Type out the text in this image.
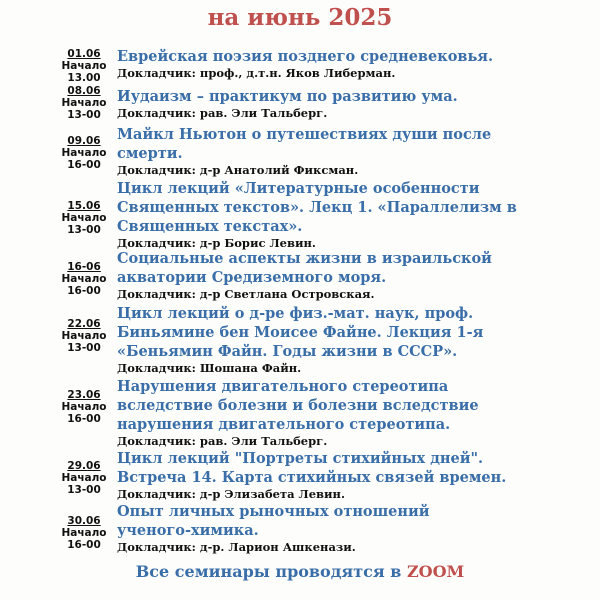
на июнь 2025
01.06
Начало
13.00
Еврейская поэзия позднего средневековья.
Докладчик: проф., д.т.н. Яков Либерман.
08.06
Начало
13-00
Иудаизм – практикум по развитию ума.
Докладчик: рав. Эли Тальберг.
09.06
Начало
16-00
Майкл Ньютон о путешествиях души после
смерти.
Докладчик: д-р Анатолий Фиксман.
15.06
Начало
13-00
Цикл лекций «Литературные особенности
Священных текстов». Лекц 1. «Параллелизм в
Священных текстах».
Докладчик: д-р Борис Левин.
16-06
Начало
16-00
Социальные аспекты жизни в израильской
акватории Средиземного моря.
Докладчик: д-р Светлана Островская.
22.06
Начало
13-00
Цикл лекций о д-ре физ.-мат. наук, проф.
Биньямине бен Моисее Файне. Лекция 1-я
«Беньямин Файн. Годы жизни в СССР».
Докладчик: Шошана Файн.
23.06
Начало
16-00
Нарушения двигательного стереотипа
вследствие болезни и болезни вследствие
нарушения двигательного стереотипа.
Докладчик: рав. Эли Тальберг.
29.06
Начало
13-00
Цикл лекций "Портреты стихийных дней".
Встреча 14. Карта стихийных связей времен.
Докладчик: д-р Элизабета Левин.
30.06
Начало
16-00
Опыт личных рыночных отношений
ученого-химика.
Докладчик: д-р. Ларион Ашкенази.
Все семинары проводятся в ZOOM
